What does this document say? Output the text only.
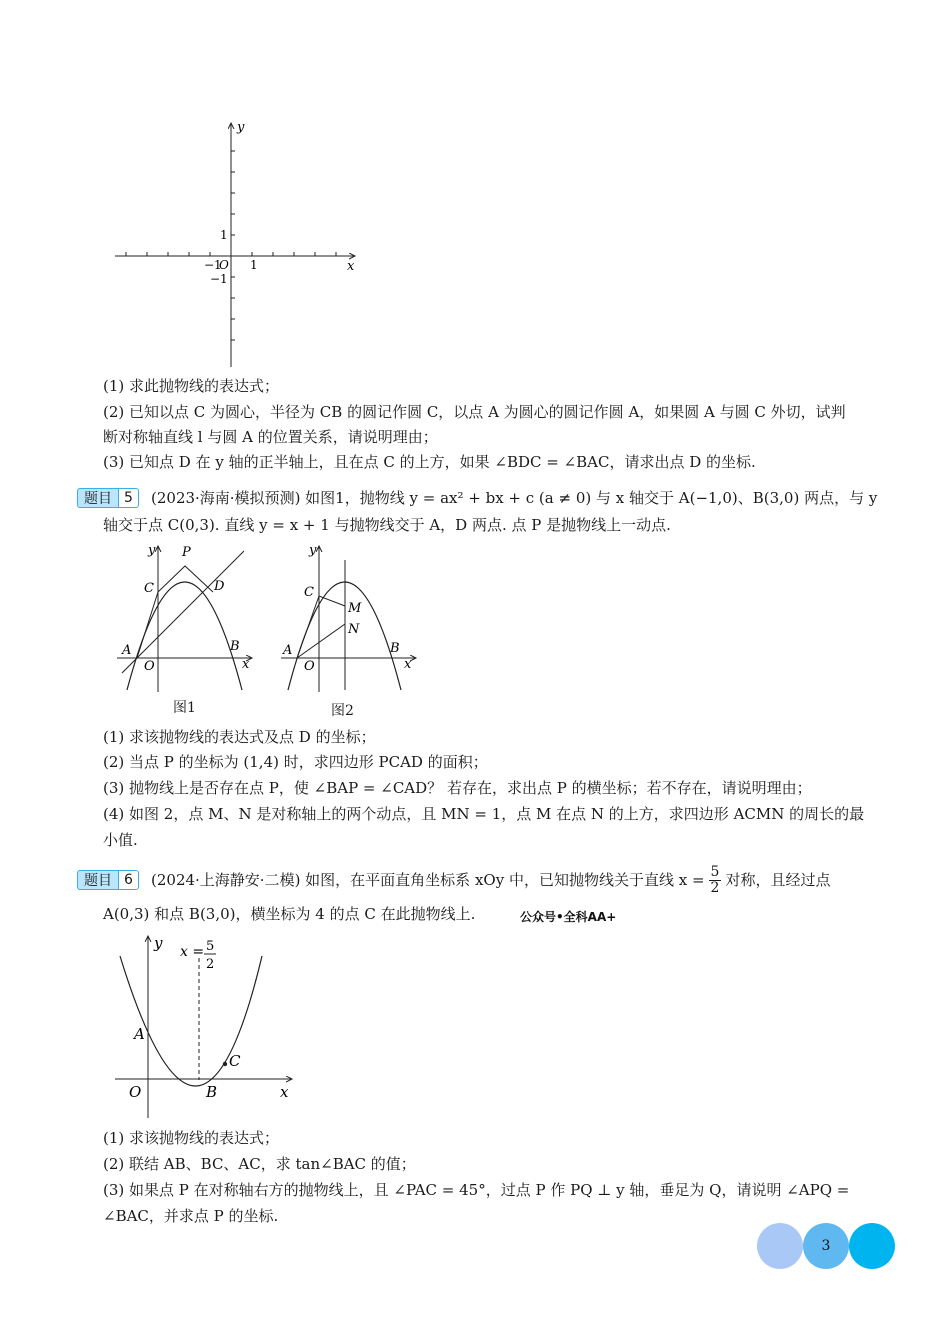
y
x
1
−1
O 1
−1
(1) 求此抛物线的表达式；
(2) 已知以点 C 为圆心，半径为 CB 的圆记作圆 C，以点 A 为圆心的圆记作圆 A，如果圆 A 与圆 C 外切，试判
断对称轴直线 l 与圆 A 的位置关系，请说明理由；
(3) 已知点 D 在 y 轴的正半轴上，且在点 C 的上方，如果 ∠BDC = ∠BAC，请求出点 D 的坐标.
题目 5	(2023·海南·模拟预测) 如图1，抛物线 y = ax² + bx + c (a ≠ 0) 与 x 轴交于 A(−1,0)、B(3,0) 两点，与 y
轴交于点 C(0,3). 直线 y = x + 1 与抛物线交于 A，D 两点. 点 P 是抛物线上一动点.
y P
C	D
A	B
O	x
图1
y
C
M
N
A	B
O	x
图2
(1) 求该抛物线的表达式及点 D 的坐标；
(2) 当点 P 的坐标为 (1,4) 时，求四边形 PCAD 的面积；
(3) 抛物线上是否存在点 P，使 ∠BAP = ∠CAD？ 若存在，求出点 P 的横坐标；若不存在，请说明理由；
(4) 如图 2，点 M、N 是对称轴上的两个动点，且 MN = 1，点 M 在点 N 的上方，求四边形 ACMN 的周长的最
小值.
题目 6	(2024·上海静安·二模) 如图，在平面直角坐标系 xOy 中，已知抛物线关于直线 $x = \frac{5}{2}$ 对称，且经过点
A(0,3) 和点 B(3,0)，横坐标为 4 的点 C 在此抛物线上.	公众号•全科AA+
y x = 5
2
A
C
O	B	x
(1) 求该抛物线的表达式；
(2) 联结 AB、BC、AC，求 tan∠BAC 的值；
(3) 如果点 P 在对称轴右方的抛物线上，且 ∠PAC = 45°，过点 P 作 PQ ⊥ y 轴，垂足为 Q，请说明 ∠APQ =
∠BAC，并求点 P 的坐标.
3
